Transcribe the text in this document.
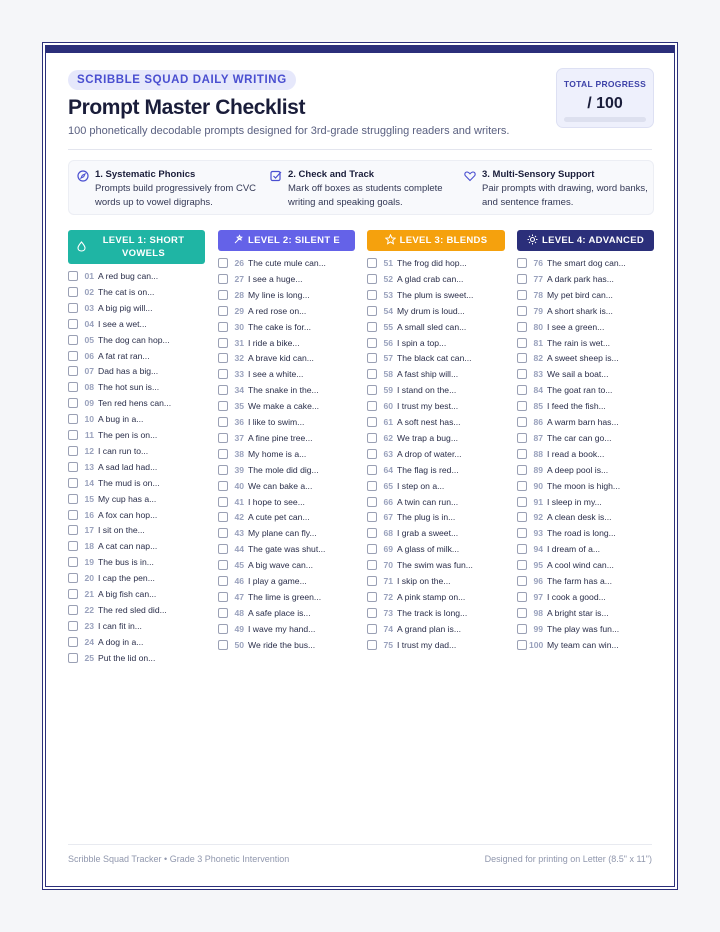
SCRIBBLE SQUAD DAILY WRITING
Prompt Master Checklist
100 phonetically decodable prompts designed for 3rd-grade struggling readers and writers.
TOTAL PROGRESS
/ 100
1. Systematic Phonics
Prompts build progressively from CVC words up to vowel digraphs.
2. Check and Track
Mark off boxes as students complete writing and speaking goals.
3. Multi-Sensory Support
Pair prompts with drawing, word banks, and sentence frames.
LEVEL 1: SHORT VOWELS
LEVEL 2: SILENT E	LEVEL 3: BLENDS	LEVEL 4: ADVANCED
01 A red bug can...
02 The cat is on...
03 A big pig will...
04 I see a wet...
05 The dog can hop...
06 A fat rat ran...
07 Dad has a big...
08 The hot sun is...
09 Ten red hens can...
10 A bug in a...
11 The pen is on...
12 I can run to...
13 A sad lad had...
14 The mud is on...
15 My cup has a...
16 A fox can hop...
17 I sit on the...
18 A cat can nap...
19 The bus is in...
20 I cap the pen...
21 A big fish can...
22 The red sled did...
23 I can fit in...
24 A dog in a...
25 Put the lid on...
26 The cute mule can...
27 I see a huge...
28 My line is long...
29 A red rose on...
30 The cake is for...
31 I ride a bike...
32 A brave kid can...
33 I see a white...
34 The snake in the...
35 We make a cake...
36 I like to swim...
37 A fine pine tree...
38 My home is a...
39 The mole did dig...
40 We can bake a...
41 I hope to see...
42 A cute pet can...
43 My plane can fly...
44 The gate was shut...
45 A big wave can...
46 I play a game...
47 The lime is green...
48 A safe place is...
49 I wave my hand...
50 We ride the bus...
51 The frog did hop...
52 A glad crab can...
53 The plum is sweet...
54 My drum is loud...
55 A small sled can...
56 I spin a top...
57 The black cat can...
58 A fast ship will...
59 I stand on the...
60 I trust my best...
61 A soft nest has...
62 We trap a bug...
63 A drop of water...
64 The flag is red...
65 I step on a...
66 A twin can run...
67 The plug is in...
68 I grab a sweet...
69 A glass of milk...
70 The swim was fun...
71 I skip on the...
72 A pink stamp on...
73 The track is long...
74 A grand plan is...
75 I trust my dad...
76 The smart dog can...
77 A dark park has...
78 My pet bird can...
79 A short shark is...
80 I see a green...
81 The rain is wet...
82 A sweet sheep is...
83 We sail a boat...
84 The goat ran to...
85 I feed the fish...
86 A warm barn has...
87 The car can go...
88 I read a book...
89 A deep pool is...
90 The moon is high...
91 I sleep in my...
92 A clean desk is...
93 The road is long...
94 I dream of a...
95 A cool wind can...
96 The farm has a...
97 I cook a good...
98 A bright star is...
99 The play was fun...
100 My team can win...
Scribble Squad Tracker • Grade 3 Phonetic Intervention	Designed for printing on Letter (8.5" x 11")
